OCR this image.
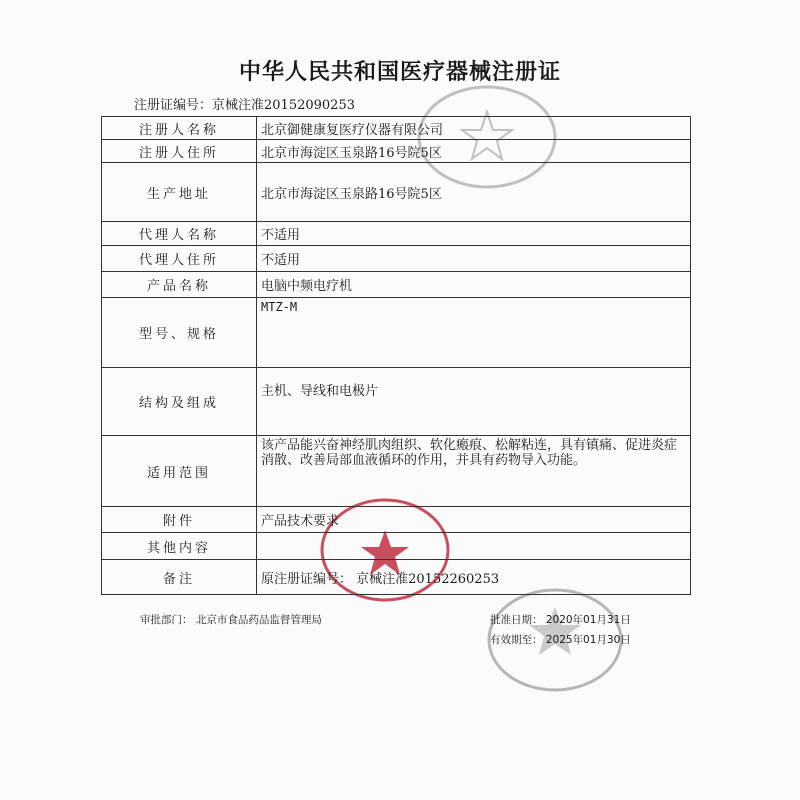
中华人民共和国医疗器械注册证
注册证编号：京械注准20152090253
注册人名称	北京御健康复医疗仪器有限公司
注册人住所	北京市海淀区玉泉路16号院5区
生产地址	北京市海淀区玉泉路16号院5区
代理人名称	不适用
代理人住所	不适用
产品名称	电脑中频电疗机
型号、规格	MTZ-M
结构及组成	主机、导线和电极片
适用范围	该产品能兴奋神经肌肉组织、软化瘢痕、松解粘连，具有镇痛、促进炎症消散、改善局部血液循环的作用，并具有药物导入功能。
附件	产品技术要求
其他内容	
备注	原注册证编号： 京械注准20152260253
审批部门： 北京市食品药品监督管理局	批准日期： 2020年01月31日
有效期至： 2025年01月30日
